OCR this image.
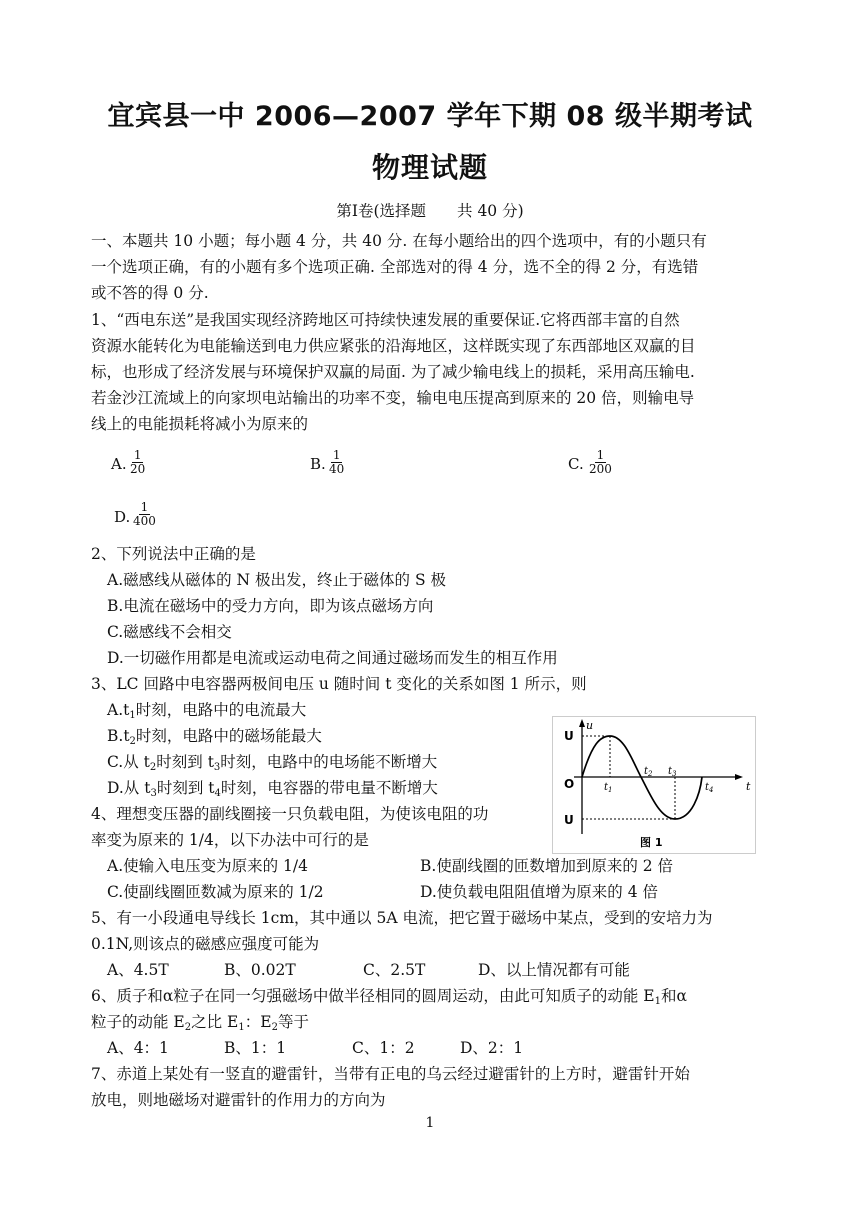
宜宾县一中 2006—2007 学年下期 08 级半期考试
物理试题
第Ⅰ卷(选择题　　共 40 分)
一、本题共 10 小题；每小题 4 分，共 40 分. 在每小题给出的四个选项中，有的小题只有
一个选项正确，有的小题有多个选项正确. 全部选对的得 4 分，选不全的得 2 分，有选错
或不答的得 0 分.
1、“西电东送”是我国实现经济跨地区可持续快速发展的重要保证.它将西部丰富的自然
资源水能转化为电能输送到电力供应紧张的沿海地区，这样既实现了东西部地区双赢的目
标，也形成了经济发展与环境保护双赢的局面. 为了减少输电线上的损耗，采用高压输电.
若金沙江流域上的向家坝电站输出的功率不变，输电电压提高到原来的 20 倍，则输电导
线上的电能损耗将减小为原来的
A. $\frac{1}{20}$	B. $\frac{1}{40}$	C. $\frac{1}{200}$
D. $\frac{1}{400}$
2、下列说法中正确的是
A.磁感线从磁体的 N 极出发，终止于磁体的 S 极
B.电流在磁场中的受力方向，即为该点磁场方向
C.磁感线不会相交
D.一切磁作用都是电流或运动电荷之间通过磁场而发生的相互作用
3、LC 回路中电容器两极间电压 u 随时间 t 变化的关系如图 1 所示，则
$A.t_1$时刻，电路中的电流最大
$B.t_2$时刻，电路中的磁场能最大
C.从 $t_2$时刻到 $t_3$时刻，电路中的电场能不断增大
D.从 $t_3$时刻到 $t_4$时刻，电容器的带电量不断增大
u
t
U
O
U
$t_1$
$t_2$ $t_3$
$t_4$
图 1
4、理想变压器的副线圈接一只负载电阻，为使该电阻的功
率变为原来的 1/4，以下办法中可行的是
A.使输入电压变为原来的 1/4	B.使副线圈的匝数增加到原来的 2 倍
C.使副线圈匝数减为原来的 1/2	D.使负载电阻阻值增为原来的 4 倍
5、有一小段通电导线长 1cm，其中通以 5A 电流，把它置于磁场中某点，受到的安培力为
0.1N,则该点的磁感应强度可能为
A、4.5T	B、0.02T	C、2.5T	D、以上情况都有可能
6、质子和α粒子在同一匀强磁场中做半径相同的圆周运动，由此可知质子的动能 $E_1$和α
粒子的动能 $E_2$之比 $E_1$：$E_2$等于
A、4：1	B、1：1	C、1：2	D、2：1
7、赤道上某处有一竖直的避雷针，当带有正电的乌云经过避雷针的上方时，避雷针开始
放电，则地磁场对避雷针的作用力的方向为
1
